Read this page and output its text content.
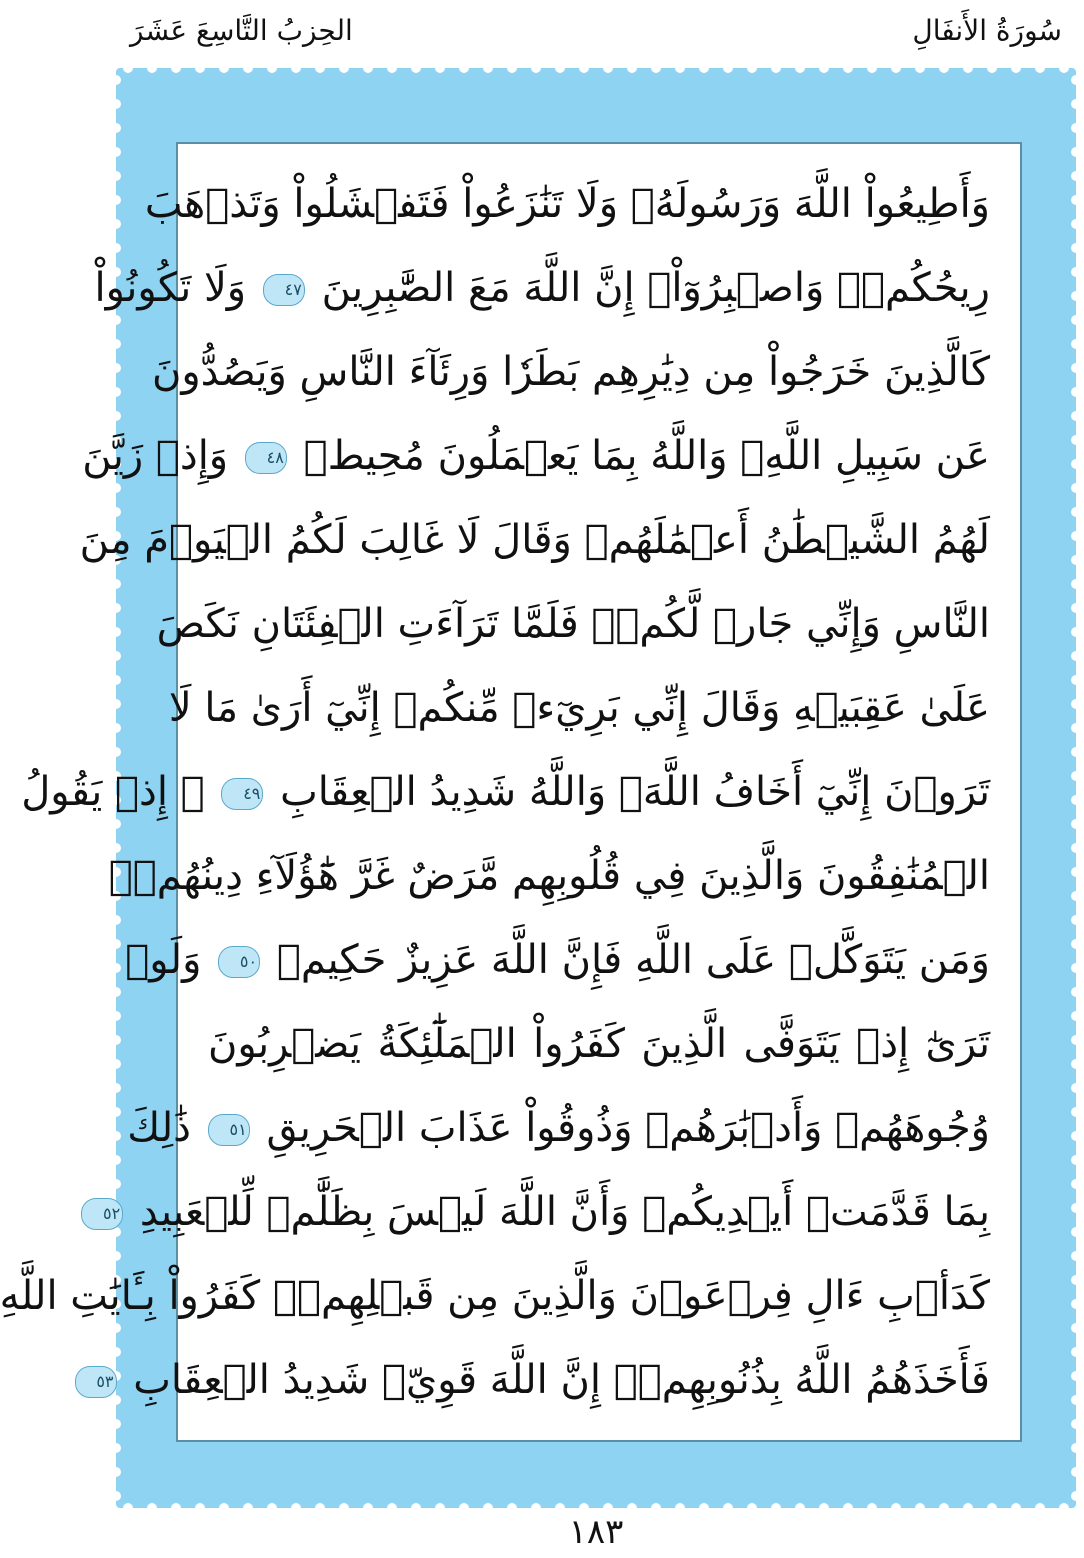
الحِزبُ التَّاسِعَ عَشَرَ	سُورَةُ الأَنفَالِ
وَأَطِيعُواْ اللَّهَ وَرَسُولَهُۥ وَلَا تَنَٰزَعُواْ فَتَفۡشَلُواْ وَتَذۡهَبَ
رِيحُكُمۡۖ وَاصۡبِرُوٓاْۚ إِنَّ اللَّهَ مَعَ الصَّٰبِرِينَ ٤٧ وَلَا تَكُونُواْ
كَالَّذِينَ خَرَجُواْ مِن دِيَٰرِهِم بَطَرٗا وَرِئَآءَ النَّاسِ وَيَصُدُّونَ
عَن سَبِيلِ اللَّهِۚ وَاللَّهُ بِمَا يَعۡمَلُونَ مُحِيطٞ ٤٨ وَإِذۡ زَيَّنَ
لَهُمُ الشَّيۡطَٰنُ أَعۡمَٰلَهُمۡ وَقَالَ لَا غَالِبَ لَكُمُ الۡيَوۡمَ مِنَ
النَّاسِ وَإِنِّي جَارٞ لَّكُمۡۖ فَلَمَّا تَرَآءَتِ الۡفِئَتَانِ نَكَصَ
عَلَىٰ عَقِبَيۡهِ وَقَالَ إِنِّي بَرِيٓءٞ مِّنكُمۡ إِنِّيٓ أَرَىٰ مَا لَا
تَرَوۡنَ إِنِّيٓ أَخَافُ اللَّهَۚ وَاللَّهُ شَدِيدُ الۡعِقَابِ ٤٩ ۞ إِذۡ يَقُولُ
الۡمُنَٰفِقُونَ وَالَّذِينَ فِي قُلُوبِهِم مَّرَضٌ غَرَّ هَٰٓؤُلَآءِ دِينُهُمۡۗ
وَمَن يَتَوَكَّلۡ عَلَى اللَّهِ فَإِنَّ اللَّهَ عَزِيزٌ حَكِيمٞ ٥٠ وَلَوۡ
تَرَىٰٓ إِذۡ يَتَوَفَّى الَّذِينَ كَفَرُواْ الۡمَلَٰٓئِكَةُ يَضۡرِبُونَ
وُجُوهَهُمۡ وَأَدۡبَٰرَهُمۡ وَذُوقُواْ عَذَابَ الۡحَرِيقِ ٥١ ذَٰلِكَ
بِمَا قَدَّمَتۡ أَيۡدِيكُمۡ وَأَنَّ اللَّهَ لَيۡسَ بِظَلَّٰمٖ لِّلۡعَبِيدِ ٥٢
كَدَأۡبِ ءَالِ فِرۡعَوۡنَ وَالَّذِينَ مِن قَبۡلِهِمۡۚ كَفَرُواْ بِـَٔايَٰتِ اللَّهِ
فَأَخَذَهُمُ اللَّهُ بِذُنُوبِهِمۡۚ إِنَّ اللَّهَ قَوِيّٞ شَدِيدُ الۡعِقَابِ ٥٣
١٨٣
